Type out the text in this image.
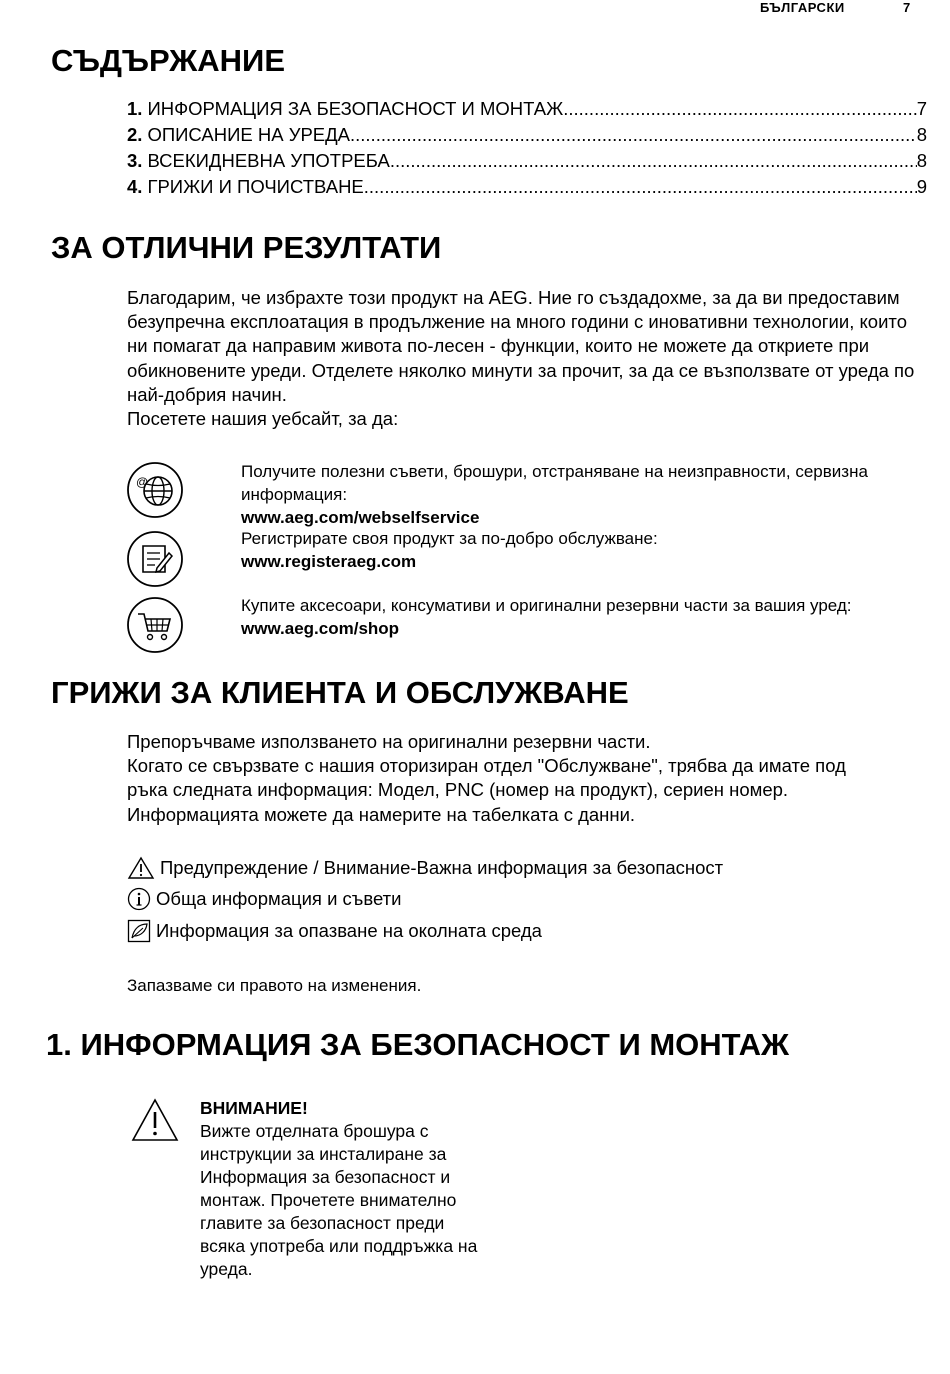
БЪЛГАРСКИ	7
СЪДЪРЖАНИЕ
1. ИНФОРМАЦИЯ ЗА БЕЗОПАСНОСТ И МОНТАЖ .....	7
2. ОПИСАНИЕ НА УРЕДА .....	8
3. ВСЕКИДНЕВНА УПОТРЕБА .....	8
4. ГРИЖИ И ПОЧИСТВАНЕ .....	9
ЗА ОТЛИЧНИ РЕЗУЛТАТИ

Благодарим, че избрахте този продукт на AEG. Ние го създадохме, за да ви предоставим безупречна експлоатация в продължение на много години с иновативни технологии, които ни помагат да направим живота по-лесен - функции, които не можете да откриете при обикновените уреди. Отделете няколко минути за прочит, за да се възползвате от уреда по най-добрия начин.

Посетете нашия уебсайт, за да:

@
Получите полезни съвети, брошури, отстраняване на неизправности, сервизна информация:
www.aeg.com/webselfservice
Регистрирате своя продукт за по-добро обслужване:
www.registeraeg.com
Купите аксесоари, консумативи и оригинални резервни части за вашия уред:
www.aeg.com/shop
ГРИЖИ ЗА КЛИЕНТА И ОБСЛУЖВАНЕ

Препоръчваме използването на оригинални резервни части.

Когато се свързвате с нашия оторизиран отдел "Обслужване", трябва да имате под ръка следната информация: Модел, PNC (номер на продукт), сериен номер.

Информацията можете да намерите на табелката с данни.

Предупреждение / Внимание-Важна информация за безопасност
Обща информация и съвети
Информация за опазване на околната среда
Запазваме си правото на изменения.
1. ИНФОРМАЦИЯ ЗА БЕЗОПАСНОСТ И МОНТАЖ
ВНИМАНИЕ!
Вижте отделната брошура с инструкции за инсталиране за Информация за безопасност и монтаж. Прочетете внимателно главите за безопасност преди всяка употреба или поддръжка на уреда.
